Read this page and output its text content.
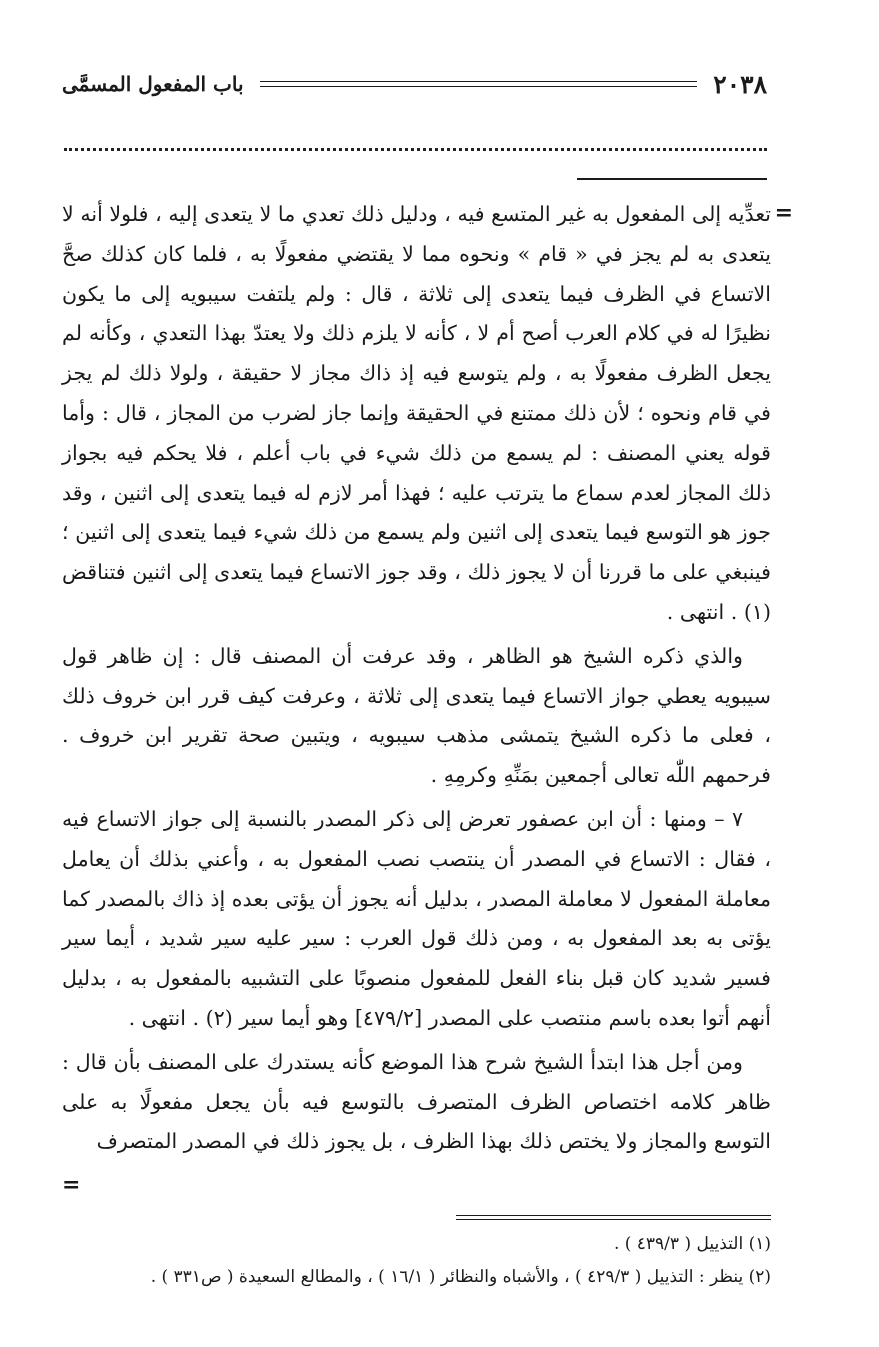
٢٠٣٨
باب المفعول المسمَّى
=

تعدِّيه إلى المفعول به غير المتسع فيه ، ودليل ذلك تعدي ما لا يتعدى إليه ، فلولا أنه لا يتعدى به لم يجز في « قام » ونحوه مما لا يقتضي مفعولًا به ، فلما كان كذلك صحَّ الاتساع في الظرف فيما يتعدى إلى ثلاثة ، قال : ولم يلتفت سيبويه إلى ما يكون نظيرًا له في كلام العرب أصح أم لا ، كأنه لا يلزم ذلك ولا يعتدّ بهذا التعدي ، وكأنه لم يجعل الظرف مفعولًا به ، ولم يتوسع فيه إذ ذاك مجاز لا حقيقة ، ولولا ذلك لم يجز في قام ونحوه ؛ لأن ذلك ممتنع في الحقيقة وإنما جاز لضرب من المجاز ، قال : وأما قوله يعني المصنف : لم يسمع من ذلك شيء في باب أعلم ، فلا يحكم فيه بجواز ذلك المجاز لعدم سماع ما يترتب عليه ؛ فهذا أمر لازم له فيما يتعدى إلى اثنين ، وقد جوز هو التوسع فيما يتعدى إلى اثنين ولم يسمع من ذلك شيء فيما يتعدى إلى اثنين ؛ فينبغي على ما قررنا أن لا يجوز ذلك ، وقد جوز الاتساع فيما يتعدى إلى اثنين فتناقض (١) . انتهى .

والذي ذكره الشيخ هو الظاهر ، وقد عرفت أن المصنف قال : إن ظاهر قول سيبويه يعطي جواز الاتساع فيما يتعدى إلى ثلاثة ، وعرفت كيف قرر ابن خروف ذلك ، فعلى ما ذكره الشيخ يتمشى مذهب سيبويه ، ويتبين صحة تقرير ابن خروف . فرحمهم اللّٰه تعالى أجمعين بمَنِّهِ وكرمِهِ .

٧ – ومنها : أن ابن عصفور تعرض إلى ذكر المصدر بالنسبة إلى جواز الاتساع فيه ، فقال : الاتساع في المصدر أن ينتصب نصب المفعول به ، وأعني بذلك أن يعامل معاملة المفعول لا معاملة المصدر ، بدليل أنه يجوز أن يؤتى بعده إذ ذاك بالمصدر كما يؤتى به بعد المفعول به ، ومن ذلك قول العرب : سير عليه سير شديد ، أيما سير فسير شديد كان قبل بناء الفعل للمفعول منصوبًا على التشبيه بالمفعول به ، بدليل أنهم أتوا بعده باسم منتصب على المصدر [٤٧٩/٢] وهو أيما سير (٢) . انتهى .

ومن أجل هذا ابتدأ الشيخ شرح هذا الموضع كأنه يستدرك على المصنف بأن قال : ظاهر كلامه اختصاص الظرف المتصرف بالتوسع فيه بأن يجعل مفعولًا به على التوسع والمجاز ولا يختص ذلك بهذا الظرف ، بل يجوز ذلك في المصدر المتصرف

=
(١) التذييل ( ٤٣٩/٣ ) .
(٢) ينظر : التذييل ( ٤٢٩/٣ ) ، والأشباه والنظائر ( ١٦/١ ) ، والمطالع السعيدة ( ص٣٣١ ) .
